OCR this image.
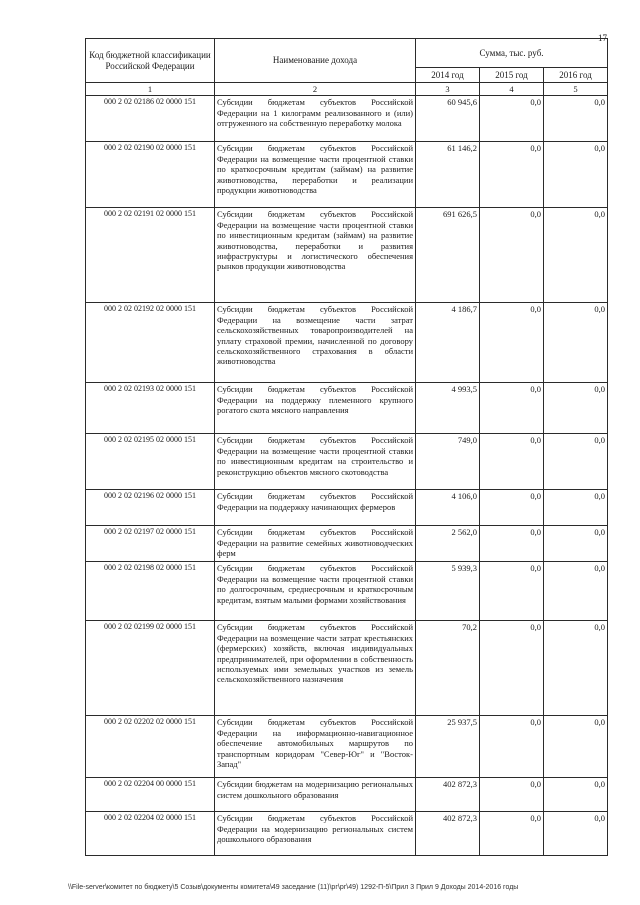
17
Код бюджетной классификации Российской Федерации	Наименование дохода	Сумма, тыс. руб.		
		2014 год	2015 год	2016 год
1	2	3	4	5
000 2 02 02186 02 0000 151	Субсидии бюджетам субъектов Российской Федерации на 1 килограмм реализованного и (или) отгруженного на собственную переработку молока	60 945,6	0,0	0,0
000 2 02 02190 02 0000 151	Субсидии бюджетам субъектов Российской Федерации на возмещение части процентной ставки по краткосрочным кредитам (займам) на развитие животноводства, переработки и реализации продукции животноводства	61 146,2	0,0	0,0
000 2 02 02191 02 0000 151	Субсидии бюджетам субъектов Российской Федерации на возмещение части процентной ставки по инвестиционным кредитам (займам) на развитие животноводства, переработки и развития инфраструктуры и логистического обеспечения рынков продукции животноводства	691 626,5	0,0	0,0
000 2 02 02192 02 0000 151	Субсидии бюджетам субъектов Российской Федерации на возмещение части затрат сельскохозяйственных товаропроизводителей на уплату страховой премии, начисленной по договору сельскохозяйственного страхования в области животноводства	4 186,7	0,0	0,0
000 2 02 02193 02 0000 151	Субсидии бюджетам субъектов Российской Федерации на поддержку племенного крупного рогатого скота мясного направления	4 993,5	0,0	0,0
000 2 02 02195 02 0000 151	Субсидии бюджетам субъектов Российской Федерации на возмещение части процентной ставки по инвестиционным кредитам на строительство и реконструкцию объектов мясного скотоводства	749,0	0,0	0,0
000 2 02 02196 02 0000 151	Субсидии бюджетам субъектов Российской Федерации на поддержку начинающих фермеров	4 106,0	0,0	0,0
000 2 02 02197 02 0000 151	Субсидии бюджетам субъектов Российской Федерации на развитие семейных животноводческих ферм	2 562,0	0,0	0,0
000 2 02 02198 02 0000 151	Субсидии бюджетам субъектов Российской Федерации на возмещение части процентной ставки по долгосрочным, среднесрочным и краткосрочным кредитам, взятым малыми формами хозяйствования	5 939,3	0,0	0,0
000 2 02 02199 02 0000 151	Субсидии бюджетам субъектов Российской Федерации на возмещение части затрат крестьянских (фермерских) хозяйств, включая индивидуальных предпринимателей, при оформлении в собственность используемых ими земельных участков из земель сельскохозяйственного назначения	70,2	0,0	0,0
000 2 02 02202 02 0000 151	Субсидии бюджетам субъектов Российской Федерации на информационно-навигационное обеспечение автомобильных маршрутов по транспортным коридорам "Север-Юг" и "Восток-Запад"	25 937,5	0,0	0,0
000 2 02 02204 00 0000 151	Субсидии бюджетам на модернизацию региональных систем дошкольного образования	402 872,3	0,0	0,0
000 2 02 02204 02 0000 151	Субсидии бюджетам субъектов Российской Федерации на модернизацию региональных систем дошкольного образования	402 872,3	0,0	0,0
\\File-server\комитет по бюджету\5 Созыв\документы комитета\49 заседание (11)\рг\рг\49) 1292-П-5\Прил 3 Прил 9 Доходы 2014-2016 годы
